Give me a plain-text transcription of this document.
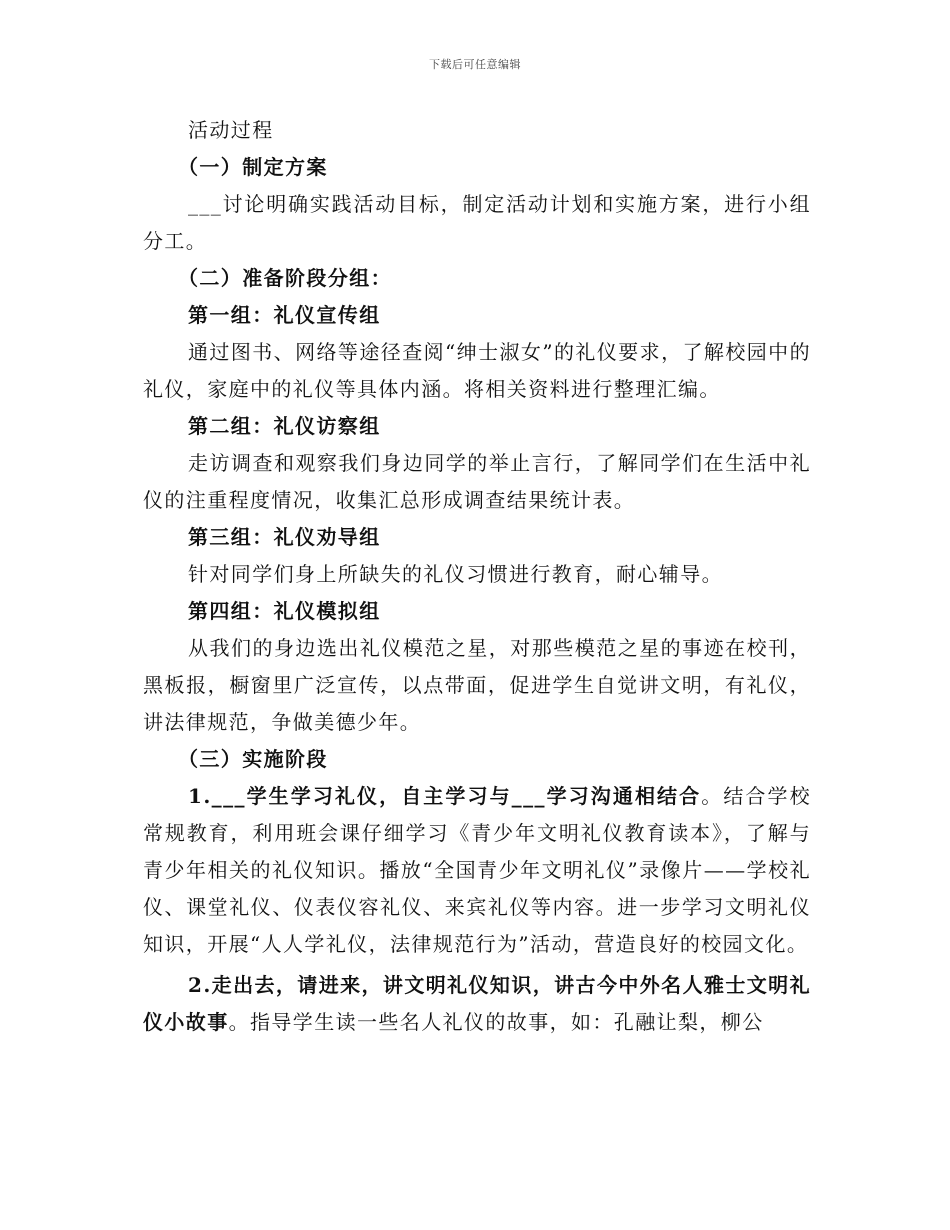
下载后可任意编辑

活动过程

（一）制定方案

___讨论明确实践活动目标，制定活动计划和实施方案，进行小组分工。

（二）准备阶段分组：

第一组：礼仪宣传组

通过图书、网络等途径查阅“绅士淑女”的礼仪要求，了解校园中的礼仪，家庭中的礼仪等具体内涵。将相关资料进行整理汇编。

第二组：礼仪访察组

走访调查和观察我们身边同学的举止言行，了解同学们在生活中礼仪的注重程度情况，收集汇总形成调查结果统计表。

第三组：礼仪劝导组

针对同学们身上所缺失的礼仪习惯进行教育，耐心辅导。

第四组：礼仪模拟组

从我们的身边选出礼仪模范之星，对那些模范之星的事迹在校刊，黑板报，橱窗里广泛宣传，以点带面，促进学生自觉讲文明，有礼仪，讲法律规范，争做美德少年。

（三）实施阶段

1.___学生学习礼仪，自主学习与___学习沟通相结合。结合学校常规教育，利用班会课仔细学习《青少年文明礼仪教育读本》，了解与青少年相关的礼仪知识。播放“全国青少年文明礼仪”录像片——学校礼仪、课堂礼仪、仪表仪容礼仪、来宾礼仪等内容。进一步学习文明礼仪知识，开展“人人学礼仪，法律规范行为”活动，营造良好的校园文化。

2.走出去，请进来，讲文明礼仪知识，讲古今中外名人雅士文明礼仪小故事。指导学生读一些名人礼仪的故事，如：孔融让梨，柳公
